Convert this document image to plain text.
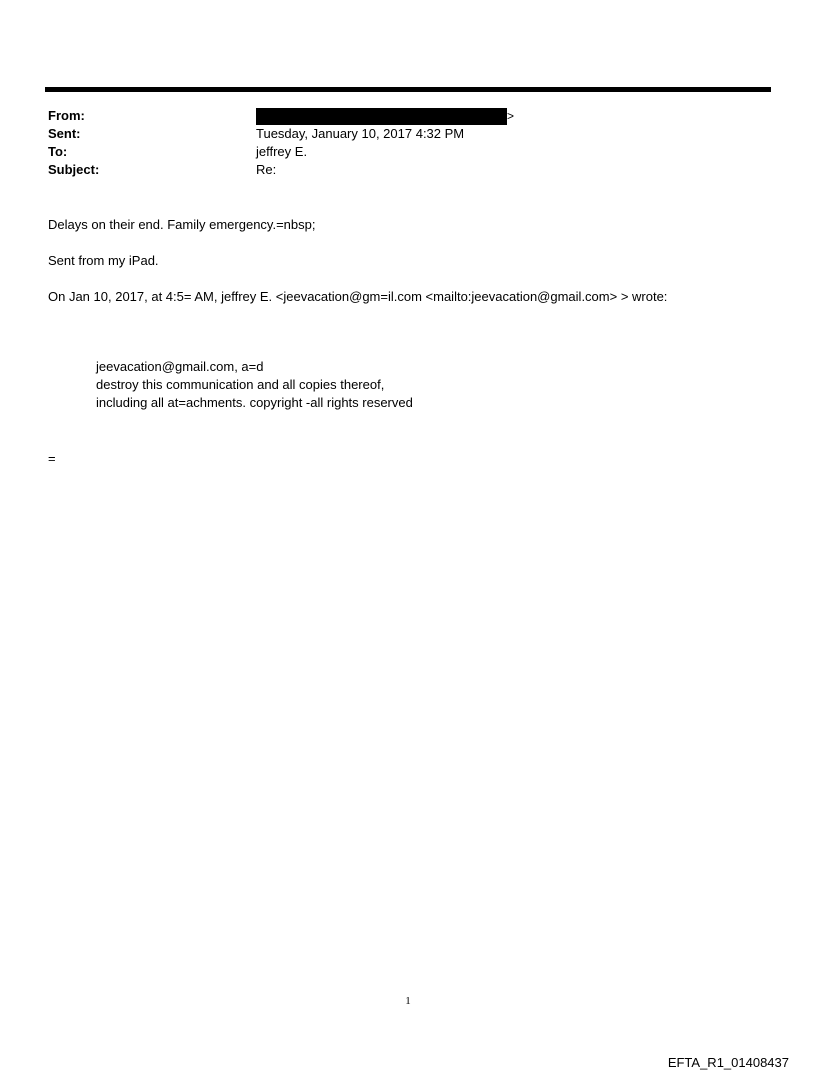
From:	>
Sent:	Tuesday, January 10, 2017 4:32 PM
To:	jeffrey E.
Subject:	Re:
Delays on their end. Family emergency.=nbsp;
Sent from my iPad.
On Jan 10, 2017, at 4:5= AM, jeffrey E. <jeevacation@gm=il.com <mailto:jeevacation@gmail.com> > wrote:
jeevacation@gmail.com, a=d
destroy this communication and all copies thereof,
including all at=achments. copyright -all rights reserved
=
1
EFTA_R1_01408437
